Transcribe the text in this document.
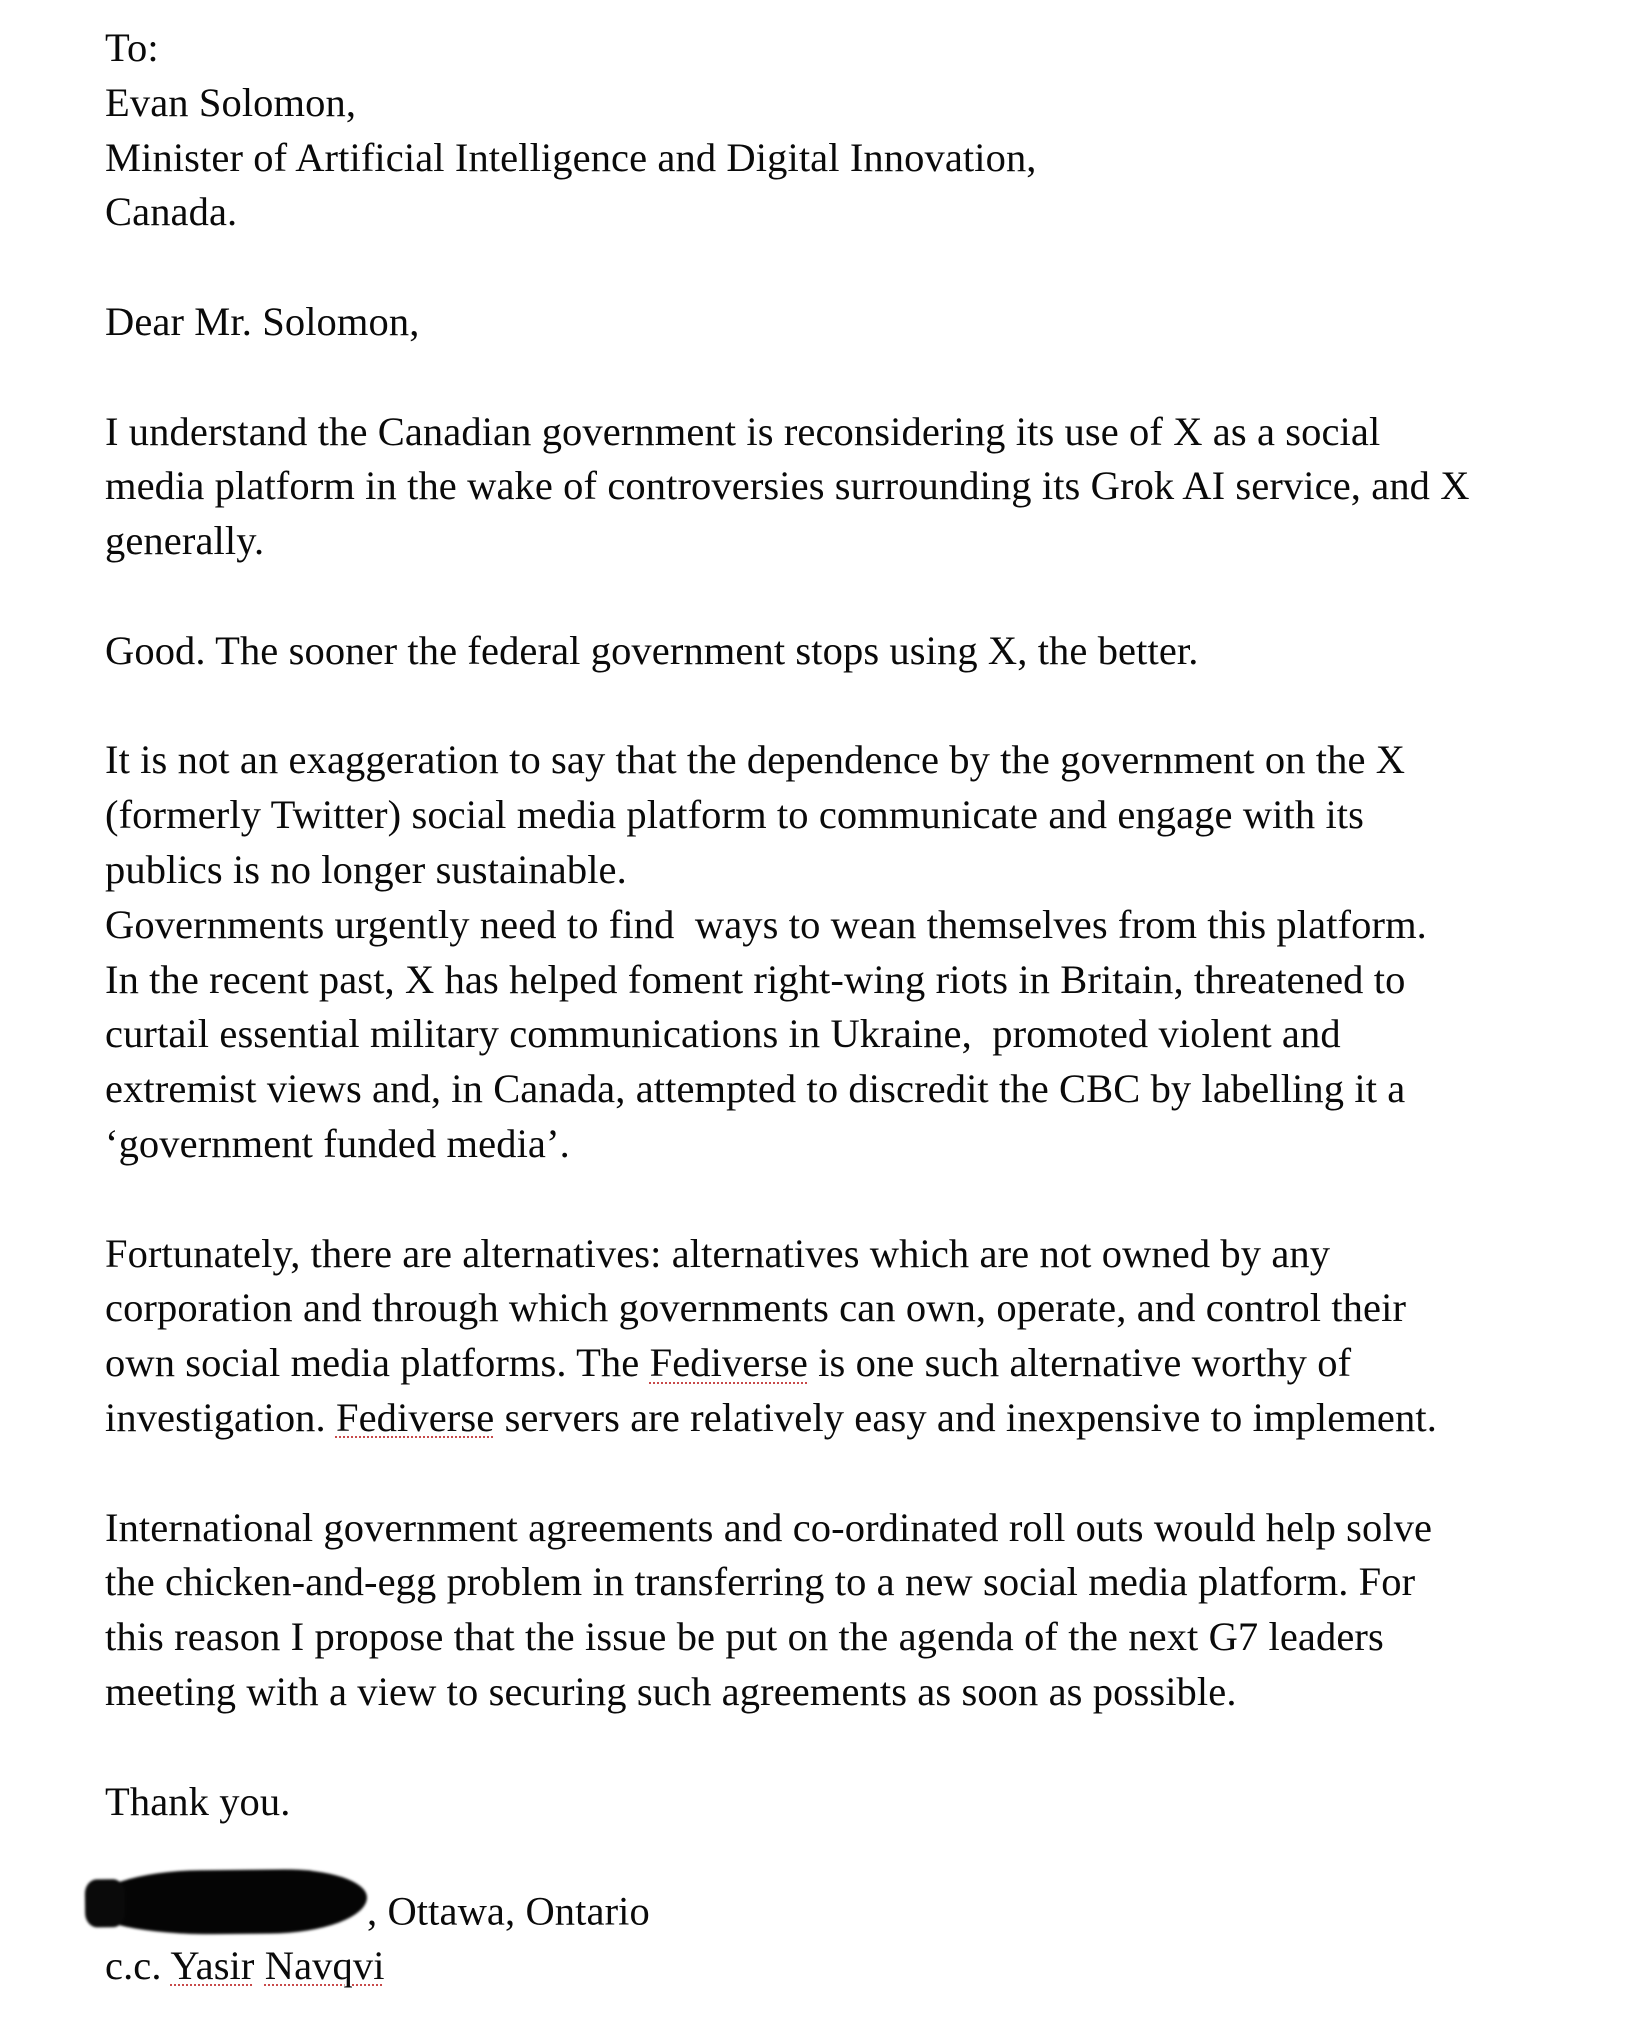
To:
Evan Solomon,
Minister of Artificial Intelligence and Digital Innovation,
Canada.
Dear Mr. Solomon,
I understand the Canadian government is reconsidering its use of X as a social
media platform in the wake of controversies surrounding its Grok AI service, and X
generally.
Good. The sooner the federal government stops using X, the better.
It is not an exaggeration to say that the dependence by the government on the X
(formerly Twitter) social media platform to communicate and engage with its
publics is no longer sustainable.
Governments urgently need to find  ways to wean themselves from this platform.
In the recent past, X has helped foment right-wing riots in Britain, threatened to
curtail essential military communications in Ukraine,  promoted violent and
extremist views and, in Canada, attempted to discredit the CBC by labelling it a
‘government funded media’.
Fortunately, there are alternatives: alternatives which are not owned by any
corporation and through which governments can own, operate, and control their
own social media platforms. The Fediverse is one such alternative worthy of
investigation. Fediverse servers are relatively easy and inexpensive to implement.
International government agreements and co-ordinated roll outs would help solve
the chicken-and-egg problem in transferring to a new social media platform. For
this reason I propose that the issue be put on the agenda of the next G7 leaders
meeting with a view to securing such agreements as soon as possible.
Thank you.
, Ottawa, Ontario
c.c. Yasir Navqvi
